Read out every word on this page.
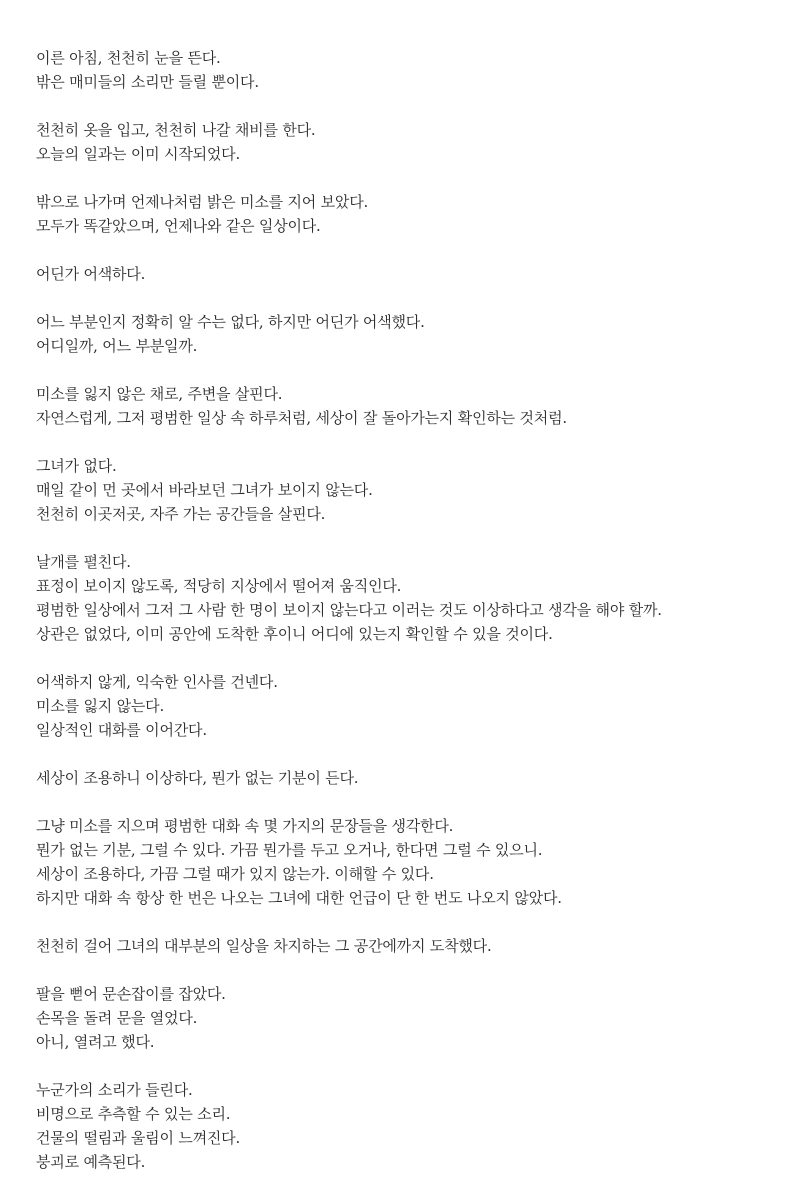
이른 아침, 천천히 눈을 뜬다.
밖은 매미들의 소리만 들릴 뿐이다.
천천히 옷을 입고, 천천히 나갈 채비를 한다.
오늘의 일과는 이미 시작되었다.
밖으로 나가며 언제나처럼 밝은 미소를 지어 보았다.
모두가 똑같았으며, 언제나와 같은 일상이다.
어딘가 어색하다.
어느 부분인지 정확히 알 수는 없다, 하지만 어딘가 어색했다.
어디일까, 어느 부분일까.
미소를 잃지 않은 채로, 주변을 살핀다.
자연스럽게, 그저 평범한 일상 속 하루처럼, 세상이 잘 돌아가는지 확인하는 것처럼.
그녀가 없다.
매일 같이 먼 곳에서 바라보던 그녀가 보이지 않는다.
천천히 이곳저곳, 자주 가는 공간들을 살핀다.
날개를 펼친다.
표정이 보이지 않도록, 적당히 지상에서 떨어져 움직인다.
평범한 일상에서 그저 그 사람 한 명이 보이지 않는다고 이러는 것도 이상하다고 생각을 해야 할까.
상관은 없었다, 이미 공안에 도착한 후이니 어디에 있는지 확인할 수 있을 것이다.
어색하지 않게, 익숙한 인사를 건넨다.
미소를 잃지 않는다.
일상적인 대화를 이어간다.
세상이 조용하니 이상하다, 뭔가 없는 기분이 든다.
그냥 미소를 지으며 평범한 대화 속 몇 가지의 문장들을 생각한다.
뭔가 없는 기분, 그럴 수 있다. 가끔 뭔가를 두고 오거나, 한다면 그럴 수 있으니.
세상이 조용하다, 가끔 그럴 때가 있지 않는가. 이해할 수 있다.
하지만 대화 속 항상 한 번은 나오는 그녀에 대한 언급이 단 한 번도 나오지 않았다.
천천히 걸어 그녀의 대부분의 일상을 차지하는 그 공간에까지 도착했다.
팔을 뻗어 문손잡이를 잡았다.
손목을 돌려 문을 열었다.
아니, 열려고 했다.
누군가의 소리가 들린다.
비명으로 추측할 수 있는 소리.
건물의 떨림과 울림이 느껴진다.
붕괴로 예측된다.
